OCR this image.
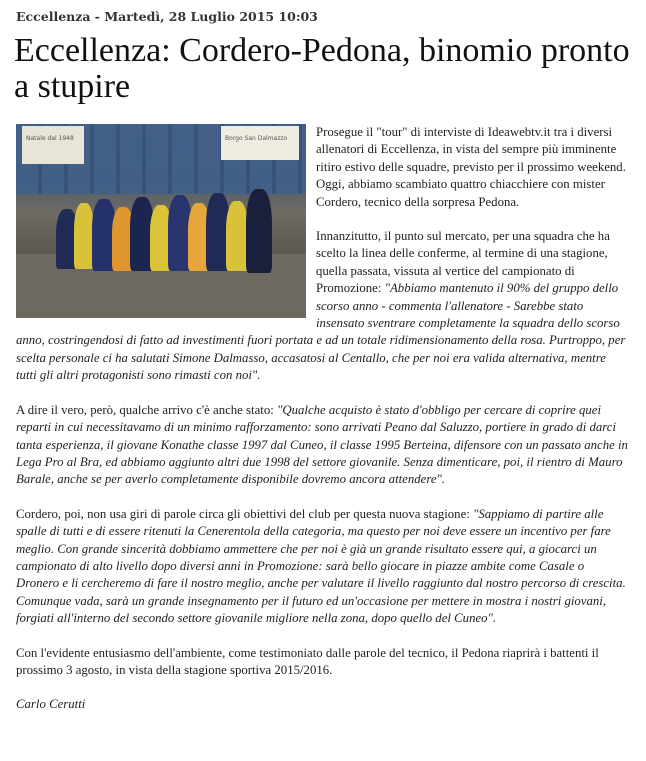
Eccellenza - Martedì, 28 Luglio 2015 10:03
Eccellenza: Cordero-Pedona, binomio pronto a stupire
Natale dal 1948	Borgo San Dalmazzo	Prosegue il "tour" di interviste di Ideawebtv.it tra i diversi allenatori di Eccellenza, in vista del sempre più imminente ritiro estivo delle squadre, previsto per il prossimo weekend. Oggi, abbiamo scambiato quattro chiacchiere con mister Cordero, tecnico della sorpresa Pedona.

Innanzitutto, il punto sul mercato, per una squadra che ha scelto la linea delle conferme, al termine di una stagione, quella passata, vissuta al vertice del campionato di Promozione: "Abbiamo mantenuto il 90% del gruppo dello scorso anno - commenta l'allenatore - Sarebbe stato insensato sventrare completamente la squadra dello scorso anno, costringendosi di fatto ad investimenti fuori portata e ad un totale ridimensionamento della rosa. Purtroppo, per scelta personale ci ha salutati Simone Dalmasso, accasatosi al Centallo, che per noi era valida alternativa, mentre tutti gli altri protagonisti sono rimasti con noi".

A dire il vero, però, qualche arrivo c'è anche stato: "Qualche acquisto è stato d'obbligo per cercare di coprire quei reparti in cui necessitavamo di un minimo rafforzamento: sono arrivati Peano dal Saluzzo, portiere in grado di darci tanta esperienza, il giovane Konathe classe 1997 dal Cuneo, il classe 1995 Berteina, difensore con un passato anche in Lega Pro al Bra, ed abbiamo aggiunto altri due 1998 del settore giovanile. Senza dimenticare, poi, il rientro di Mauro Barale, anche se per averlo completamente disponibile dovremo ancora attendere".

Cordero, poi, non usa giri di parole circa gli obiettivi del club per questa nuova stagione: "Sappiamo di partire alle spalle di tutti e di essere ritenuti la Cenerentola della categoria, ma questo per noi deve essere un incentivo per fare meglio. Con grande sincerità dobbiamo ammettere che per noi è già un grande risultato essere qui, a giocarci un campionato di alto livello dopo diversi anni in Promozione: sarà bello giocare in piazze ambite come Casale o Dronero e li cercheremo di fare il nostro meglio, anche per valutare il livello raggiunto dal nostro percorso di crescita. Comunque vada, sarà un grande insegnamento per il futuro ed un'occasione per mettere in mostra i nostri giovani, forgiati all'interno del secondo settore giovanile migliore nella zona, dopo quello del Cuneo".

Con l'evidente entusiasmo dell'ambiente, come testimoniato dalle parole del tecnico, il Pedona riaprirà i battenti il prossimo 3 agosto, in vista della stagione sportiva 2015/2016.

Carlo Cerutti
